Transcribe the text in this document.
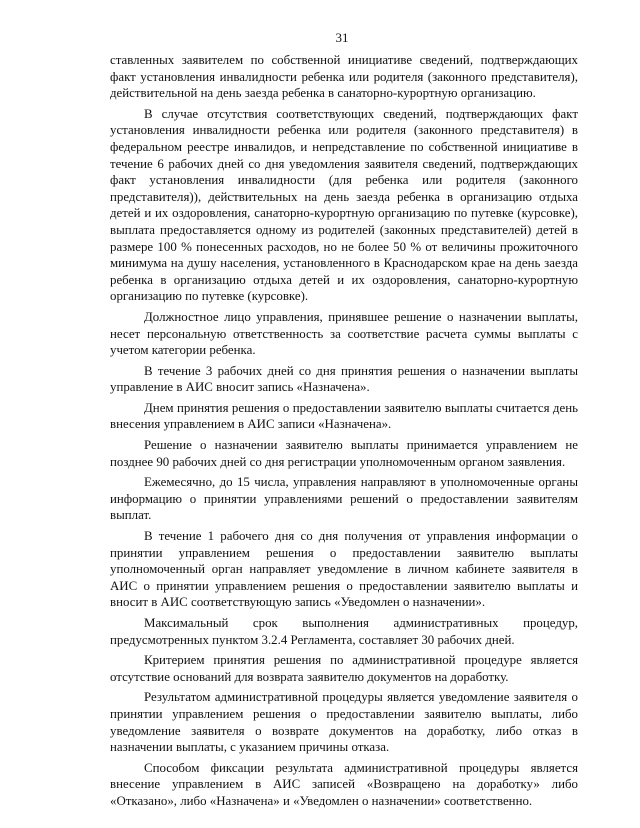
31

ставленных заявителем по собственной инициативе сведений, подтверждающих факт установления инвалидности ребенка или родителя (законного представителя), действительной на день заезда ребенка в санаторно-курортную организацию.

В случае отсутствия соответствующих сведений, подтверждающих факт установления инвалидности ребенка или родителя (законного представителя) в федеральном реестре инвалидов, и непредставление по собственной инициативе в течение 6 рабочих дней со дня уведомления заявителя сведений, подтверждающих факт установления инвалидности (для ребенка или родителя (законного представителя)), действительных на день заезда ребенка в организацию отдыха детей и их оздоровления, санаторно-курортную организацию по путевке (курсовке), выплата предоставляется одному из родителей (законных представителей) детей в размере 100 % понесенных расходов, но не более 50 % от величины прожиточного минимума на душу населения, установленного в Краснодарском крае на день заезда ребенка в организацию отдыха детей и их оздоровления, санаторно-курортную организацию по путевке (курсовке).

Должностное лицо управления, принявшее решение о назначении выплаты, несет персональную ответственность за соответствие расчета суммы выплаты с учетом категории ребенка.

В течение 3 рабочих дней со дня принятия решения о назначении выплаты управление в АИС вносит запись «Назначена».

Днем принятия решения о предоставлении заявителю выплаты считается день внесения управлением в АИС записи «Назначена».

Решение о назначении заявителю выплаты принимается управлением не позднее 90 рабочих дней со дня регистрации уполномоченным органом заявления.

Ежемесячно, до 15 числа, управления направляют в уполномоченные органы информацию о принятии управлениями решений о предоставлении заявителям выплат.

В течение 1 рабочего дня со дня получения от управления информации о принятии управлением решения о предоставлении заявителю выплаты уполномоченный орган направляет уведомление в личном кабинете заявителя в АИС о принятии управлением решения о предоставлении заявителю выплаты и вносит в АИС соответствующую запись «Уведомлен о назначении».

Максимальный срок выполнения административных процедур, предусмотренных пунктом 3.2.4 Регламента, составляет 30 рабочих дней.

Критерием принятия решения по административной процедуре является отсутствие оснований для возврата заявителю документов на доработку.

Результатом административной процедуры является уведомление заявителя о принятии управлением решения о предоставлении заявителю выплаты, либо уведомление заявителя о возврате документов на доработку, либо отказ в назначении выплаты, с указанием причины отказа.

Способом фиксации результата административной процедуры является внесение управлением в АИС записей «Возвращено на доработку» либо «Отказано», либо «Назначена» и «Уведомлен о назначении» соответственно.
